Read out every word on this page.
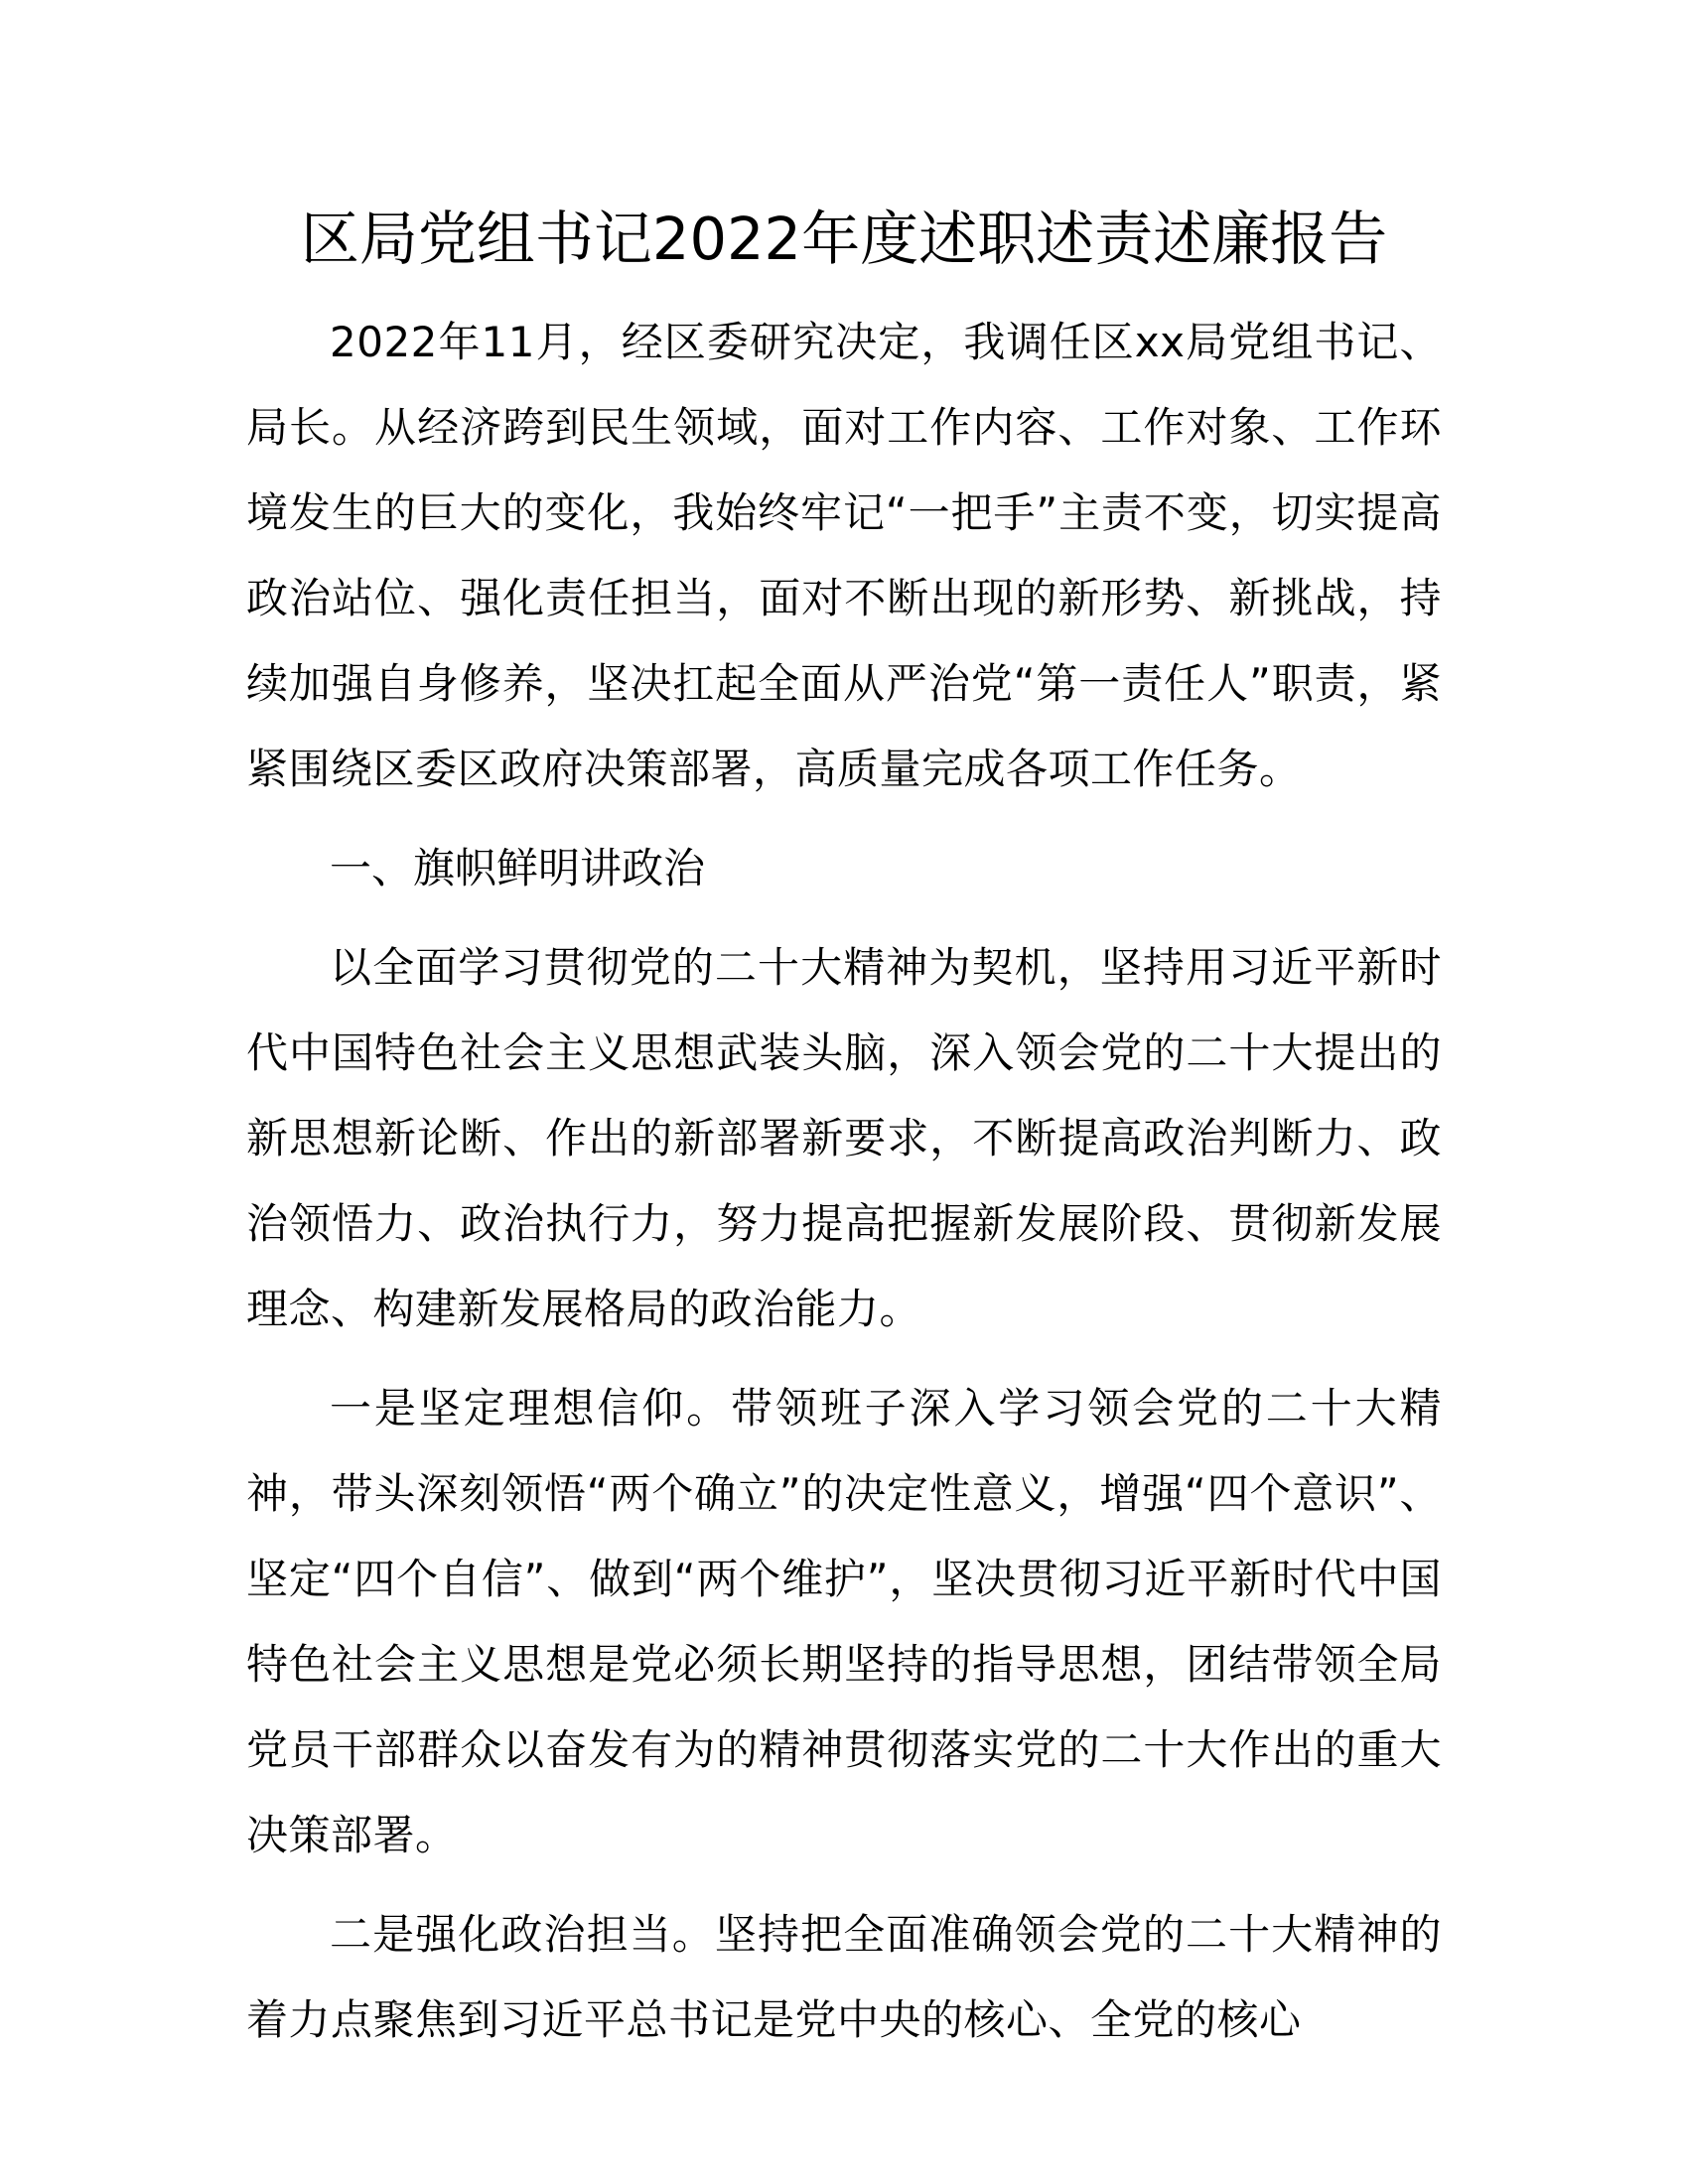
区局党组书记2022年度述职述责述廉报告

2022年11月，经区委研究决定，我调任区xx局党组书记、局长。从经济跨到民生领域，面对工作内容、工作对象、工作环境发生的巨大的变化，我始终牢记“一把手”主责不变，切实提高政治站位、强化责任担当，面对不断出现的新形势、新挑战，持续加强自身修养，坚决扛起全面从严治党“第一责任人”职责，紧紧围绕区委区政府决策部署，高质量完成各项工作任务。

一、旗帜鲜明讲政治

以全面学习贯彻党的二十大精神为契机，坚持用习近平新时代中国特色社会主义思想武装头脑，深入领会党的二十大提出的新思想新论断、作出的新部署新要求，不断提高政治判断力、政治领悟力、政治执行力，努力提高把握新发展阶段、贯彻新发展理念、构建新发展格局的政治能力。

一是坚定理想信仰。带领班子深入学习领会党的二十大精神，带头深刻领悟“两个确立”的决定性意义，增强“四个意识”、坚定“四个自信”、做到“两个维护”，坚决贯彻习近平新时代中国特色社会主义思想是党必须长期坚持的指导思想，团结带领全局党员干部群众以奋发有为的精神贯彻落实党的二十大作出的重大决策部署。

二是强化政治担当。坚持把全面准确领会党的二十大精神的着力点聚焦到习近平总书记是党中央的核心、全党的核心
